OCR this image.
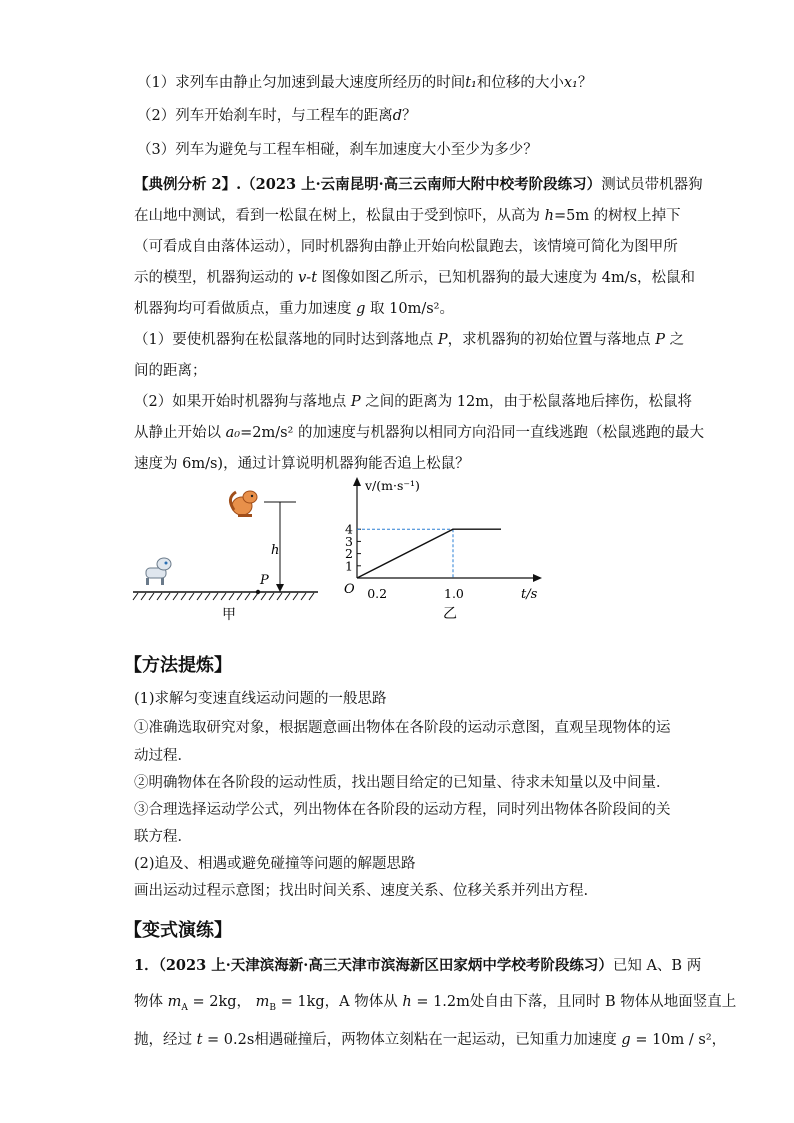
（1）求列车由静止匀加速到最大速度所经历的时间t₁和位移的大小x₁？
（2）列车开始刹车时，与工程车的距离d？
（3）列车为避免与工程车相碰，刹车加速度大小至少为多少？
【典例分析 2】.（2023 上·云南昆明·高三云南师大附中校考阶段练习）测试员带机器狗
在山地中测试，看到一松鼠在树上，松鼠由于受到惊吓，从高为 h=5m 的树杈上掉下
（可看成自由落体运动），同时机器狗由静止开始向松鼠跑去，该情境可简化为图甲所
示的模型，机器狗运动的 v-t 图像如图乙所示，已知机器狗的最大速度为 4m/s，松鼠和
机器狗均可看做质点，重力加速度 g 取 10m/s²。
（1）要使机器狗在松鼠落地的同时达到落地点 P，求机器狗的初始位置与落地点 P 之
间的距离；
（2）如果开始时机器狗与落地点 P 之间的距离为 12m，由于松鼠落地后摔伤，松鼠将
从静止开始以 a₀=2m/s² 的加速度与机器狗以相同方向沿同一直线逃跑（松鼠逃跑的最大
速度为 6m/s)，通过计算说明机器狗能否追上松鼠？
h
P
甲
v/(m·s⁻¹)
t/s
O
1
2
3
4
0.2	1.0
乙
【方法提炼】
(1)求解匀变速直线运动问题的一般思路
①准确选取研究对象，根据题意画出物体在各阶段的运动示意图，直观呈现物体的运
动过程．
②明确物体在各阶段的运动性质，找出题目给定的已知量、待求未知量以及中间量．
③合理选择运动学公式，列出物体在各阶段的运动方程，同时列出物体各阶段间的关
联方程．
(2)追及、相遇或避免碰撞等问题的解题思路
画出运动过程示意图；找出时间关系、速度关系、位移关系并列出方程.
【变式演练】
1．（2023 上·天津滨海新·高三天津市滨海新区田家炳中学校考阶段练习）已知 A、B 两
物体 $m_A = 2kg$， $m_B = 1kg$，A 物体从 h = 1.2m处自由下落，且同时 B 物体从地面竖直上
抛，经过 t = 0.2s相遇碰撞后，两物体立刻粘在一起运动，已知重力加速度 g = 10m / s²，
